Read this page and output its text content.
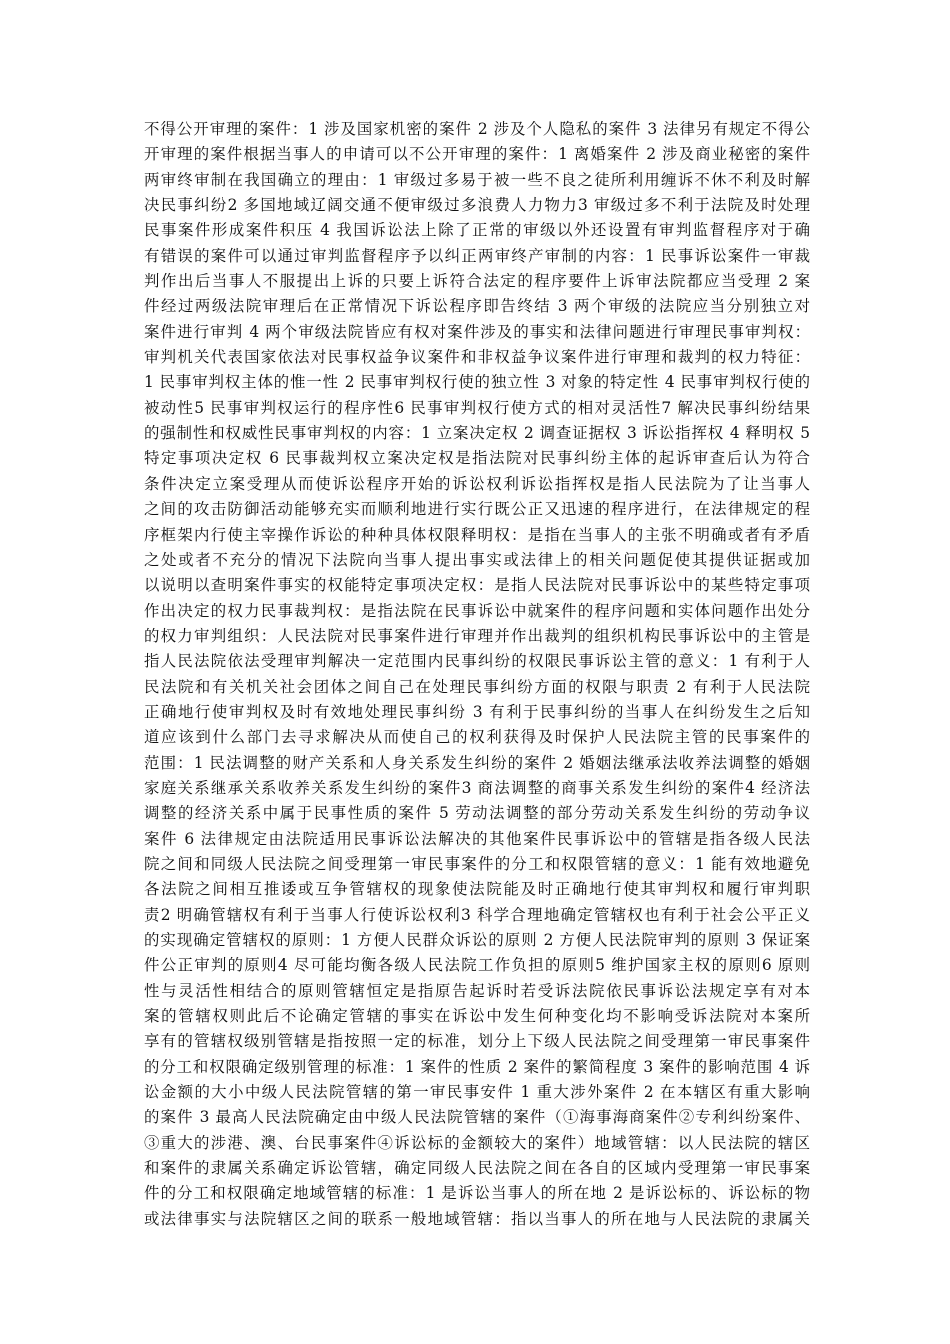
不得公开审理的案件：1 涉及国家机密的案件 2 涉及个人隐私的案件 3 法律另有规定不得公
开审理的案件根据当事人的申请可以不公开审理的案件：1 离婚案件 2 涉及商业秘密的案件
两审终审制在我国确立的理由：1 审级过多易于被一些不良之徒所利用缠诉不休不利及时解
决民事纠纷2 多国地域辽阔交通不便审级过多浪费人力物力3 审级过多不利于法院及时处理
民事案件形成案件积压 4 我国诉讼法上除了正常的审级以外还设置有审判监督程序对于确
有错误的案件可以通过审判监督程序予以纠正两审终产审制的内容：1 民事诉讼案件一审裁
判作出后当事人不服提出上诉的只要上诉符合法定的程序要件上诉审法院都应当受理 2 案
件经过两级法院审理后在正常情况下诉讼程序即告终结 3 两个审级的法院应当分别独立对
案件进行审判 4 两个审级法院皆应有权对案件涉及的事实和法律问题进行审理民事审判权：
审判机关代表国家依法对民事权益争议案件和非权益争议案件进行审理和裁判的权力特征：
1 民事审判权主体的惟一性 2 民事审判权行使的独立性 3 对象的特定性 4 民事审判权行使的
被动性5 民事审判权运行的程序性6 民事审判权行使方式的相对灵活性7 解决民事纠纷结果
的强制性和权威性民事审判权的内容：1 立案决定权 2 调查证据权 3 诉讼指挥权 4 释明权 5
特定事项决定权 6 民事裁判权立案决定权是指法院对民事纠纷主体的起诉审查后认为符合
条件决定立案受理从而使诉讼程序开始的诉讼权利诉讼指挥权是指人民法院为了让当事人
之间的攻击防御活动能够充实而顺利地进行实行既公正又迅速的程序进行，在法律规定的程
序框架内行使主宰操作诉讼的种种具体权限释明权：是指在当事人的主张不明确或者有矛盾
之处或者不充分的情况下法院向当事人提出事实或法律上的相关问题促使其提供证据或加
以说明以查明案件事实的权能特定事项决定权：是指人民法院对民事诉讼中的某些特定事项
作出决定的权力民事裁判权：是指法院在民事诉讼中就案件的程序问题和实体问题作出处分
的权力审判组织：人民法院对民事案件进行审理并作出裁判的组织机构民事诉讼中的主管是
指人民法院依法受理审判解决一定范围内民事纠纷的权限民事诉讼主管的意义：1 有利于人
民法院和有关机关社会团体之间自己在处理民事纠纷方面的权限与职责 2 有利于人民法院
正确地行使审判权及时有效地处理民事纠纷 3 有利于民事纠纷的当事人在纠纷发生之后知
道应该到什么部门去寻求解决从而使自己的权利获得及时保护人民法院主管的民事案件的
范围：1 民法调整的财产关系和人身关系发生纠纷的案件 2 婚姻法继承法收养法调整的婚姻
家庭关系继承关系收养关系发生纠纷的案件3 商法调整的商事关系发生纠纷的案件4 经济法
调整的经济关系中属于民事性质的案件 5 劳动法调整的部分劳动关系发生纠纷的劳动争议
案件 6 法律规定由法院适用民事诉讼法解决的其他案件民事诉讼中的管辖是指各级人民法
院之间和同级人民法院之间受理第一审民事案件的分工和权限管辖的意义：1 能有效地避免
各法院之间相互推诿或互争管辖权的现象使法院能及时正确地行使其审判权和履行审判职
责2 明确管辖权有利于当事人行使诉讼权利3 科学合理地确定管辖权也有利于社会公平正义
的实现确定管辖权的原则：1 方便人民群众诉讼的原则 2 方便人民法院审判的原则 3 保证案
件公正审判的原则4 尽可能均衡各级人民法院工作负担的原则5 维护国家主权的原则6 原则
性与灵活性相结合的原则管辖恒定是指原告起诉时若受诉法院依民事诉讼法规定享有对本
案的管辖权则此后不论确定管辖的事实在诉讼中发生何种变化均不影响受诉法院对本案所
享有的管辖权级别管辖是指按照一定的标准，划分上下级人民法院之间受理第一审民事案件
的分工和权限确定级别管理的标准：1 案件的性质 2 案件的繁简程度 3 案件的影响范围 4 诉
讼金额的大小中级人民法院管辖的第一审民事安件 1 重大涉外案件 2 在本辖区有重大影响
的案件 3 最高人民法院确定由中级人民法院管辖的案件（①海事海商案件②专利纠纷案件、
③重大的涉港、澳、台民事案件④诉讼标的金额较大的案件）地域管辖：以人民法院的辖区
和案件的隶属关系确定诉讼管辖，确定同级人民法院之间在各自的区域内受理第一审民事案
件的分工和权限确定地域管辖的标准：1 是诉讼当事人的所在地 2 是诉讼标的、诉讼标的物
或法律事实与法院辖区之间的联系一般地域管辖：指以当事人的所在地与人民法院的隶属关
